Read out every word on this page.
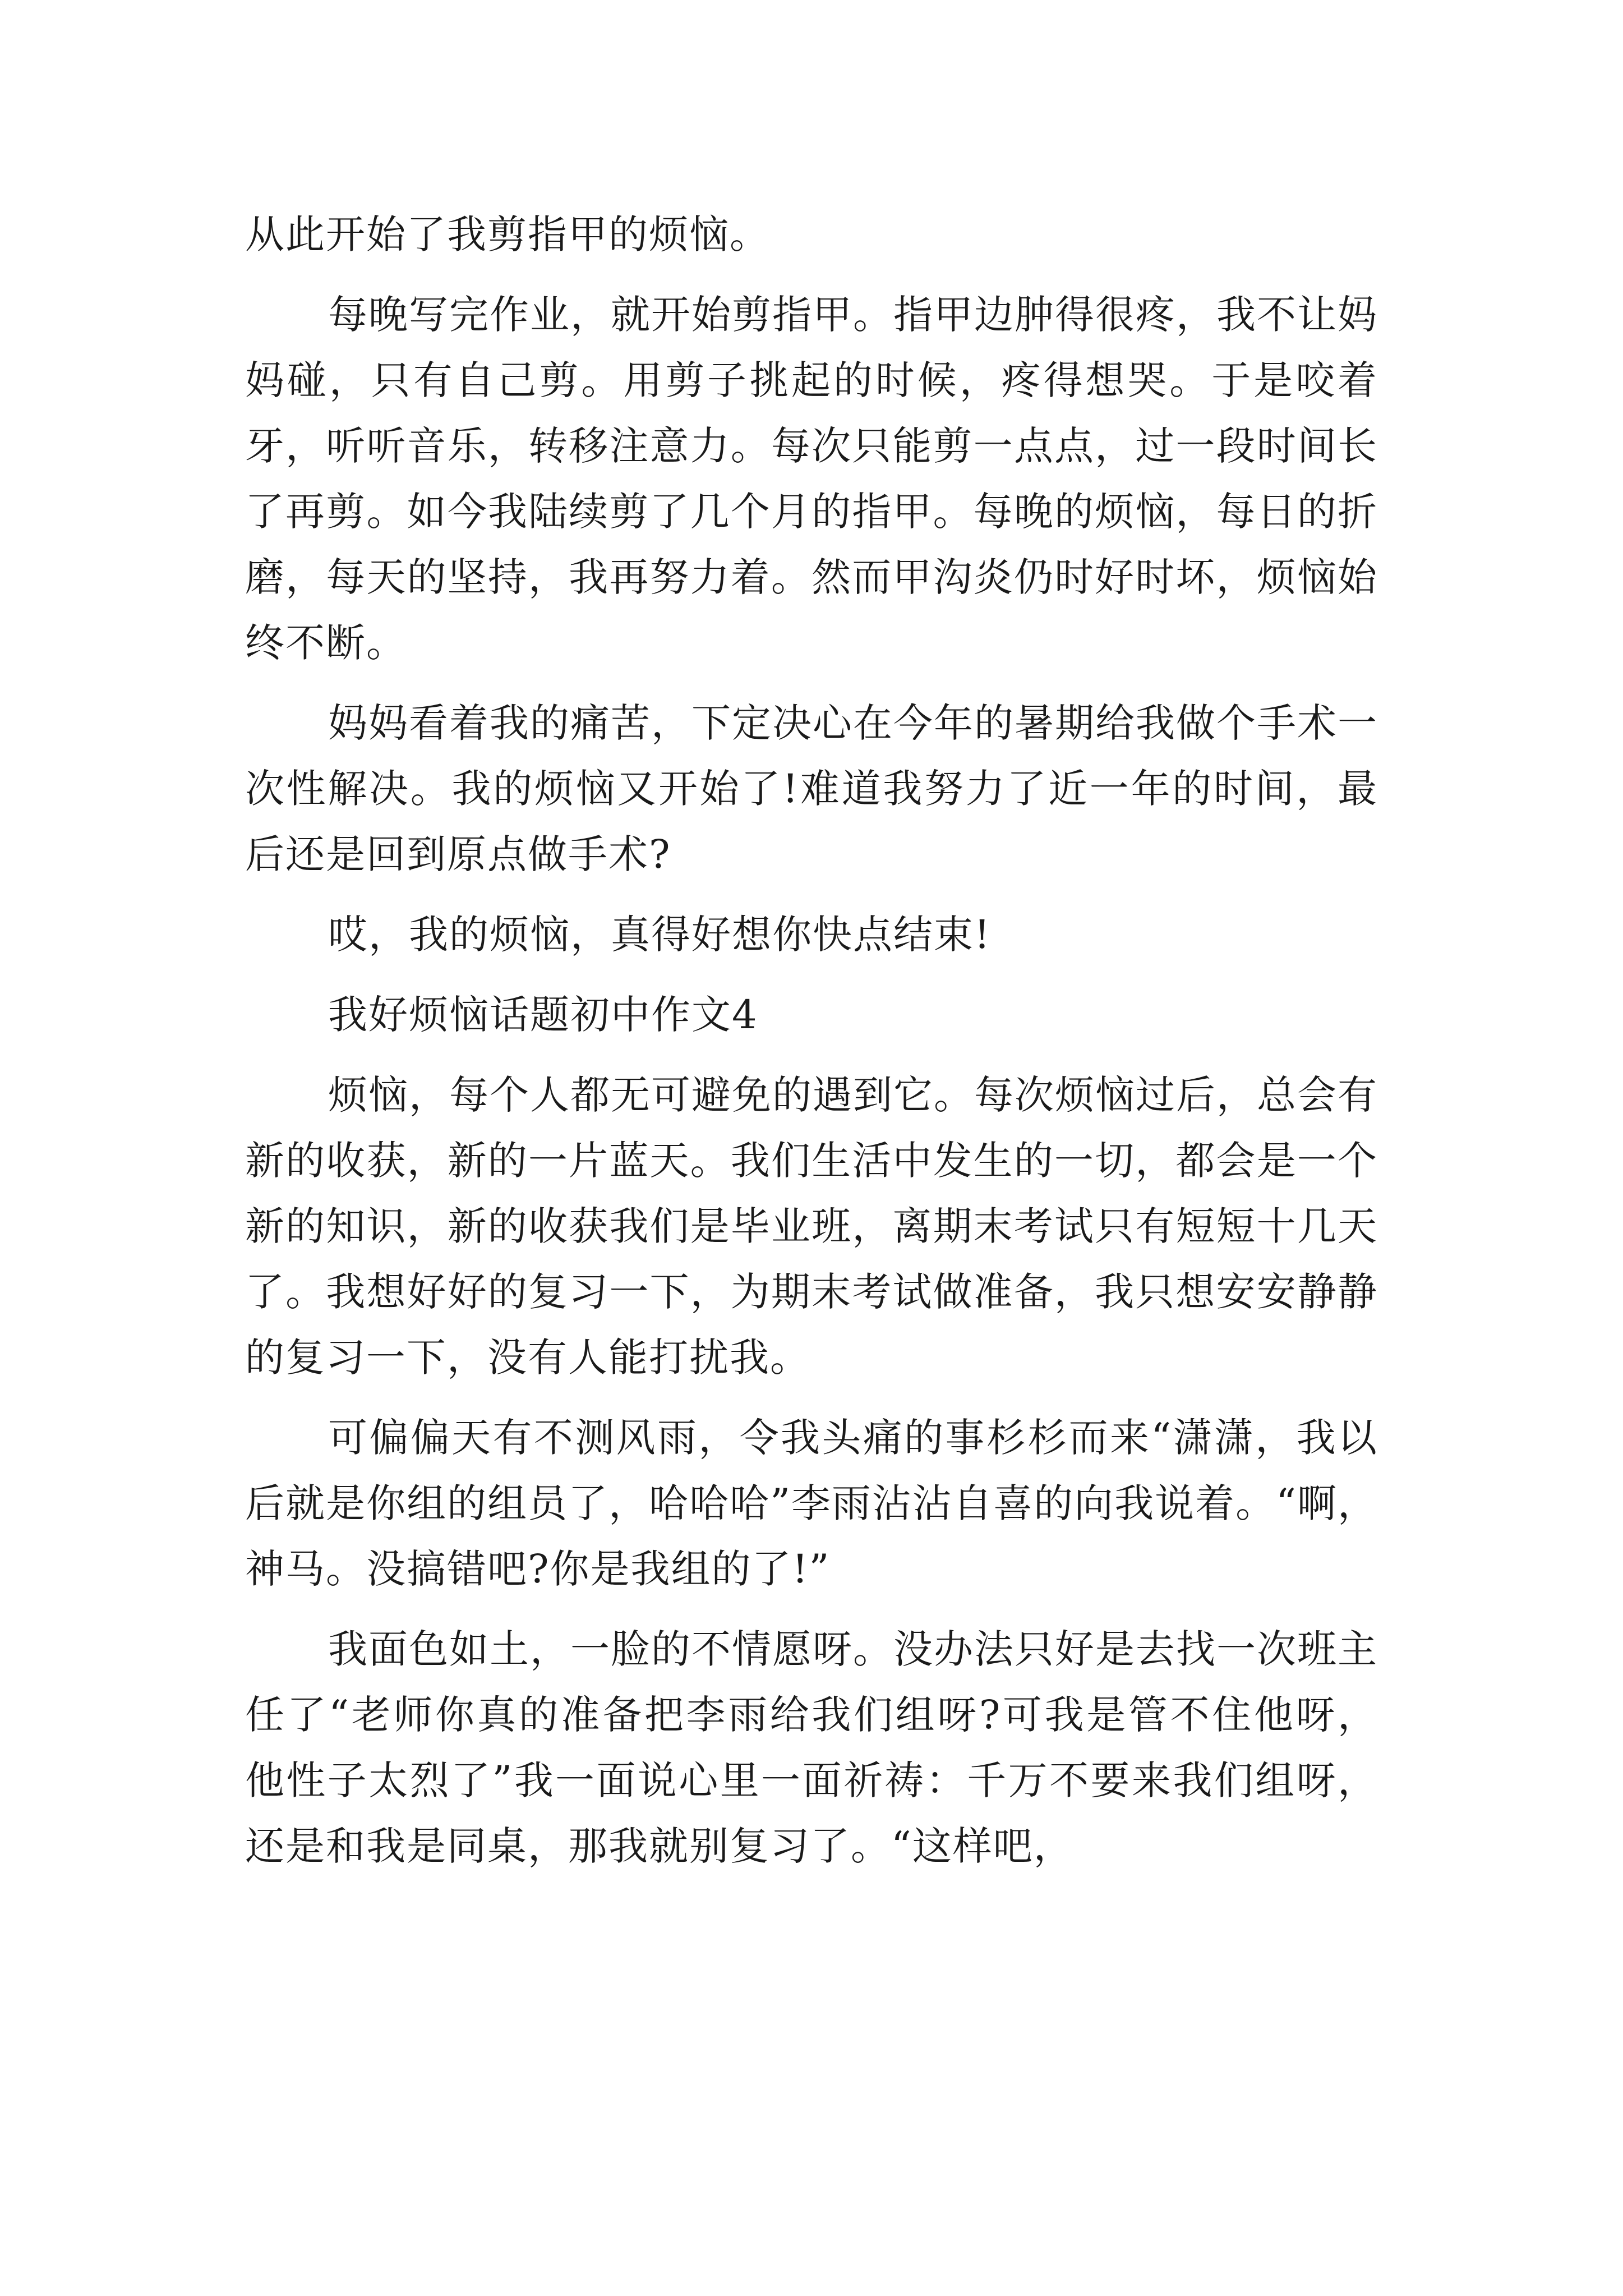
从此开始了我剪指甲的烦恼。

每晚写完作业，就开始剪指甲。指甲边肿得很疼，我不让妈妈碰，只有自己剪。用剪子挑起的时候，疼得想哭。于是咬着牙，听听音乐，转移注意力。每次只能剪一点点，过一段时间长了再剪。如今我陆续剪了几个月的指甲。每晚的烦恼，每日的折磨，每天的坚持，我再努力着。然而甲沟炎仍时好时坏，烦恼始终不断。

妈妈看着我的痛苦，下定决心在今年的暑期给我做个手术一次性解决。我的烦恼又开始了!难道我努力了近一年的时间，最后还是回到原点做手术?

哎，我的烦恼，真得好想你快点结束!

我好烦恼话题初中作文4

烦恼，每个人都无可避免的遇到它。每次烦恼过后，总会有新的收获，新的一片蓝天。我们生活中发生的一切，都会是一个新的知识，新的收获我们是毕业班，离期末考试只有短短十几天了。我想好好的复习一下，为期末考试做准备，我只想安安静静的复习一下，没有人能打扰我。

可偏偏天有不测风雨，令我头痛的事杉杉而来“潇潇，我以后就是你组的组员了，哈哈哈”李雨沾沾自喜的向我说着。“啊，神马。没搞错吧?你是我组的了!”

我面色如土，一脸的不情愿呀。没办法只好是去找一次班主任了“老师你真的准备把李雨给我们组呀?可我是管不住他呀，他性子太烈了”我一面说心里一面祈祷：千万不要来我们组呀，还是和我是同桌，那我就别复习了。“这样吧，
